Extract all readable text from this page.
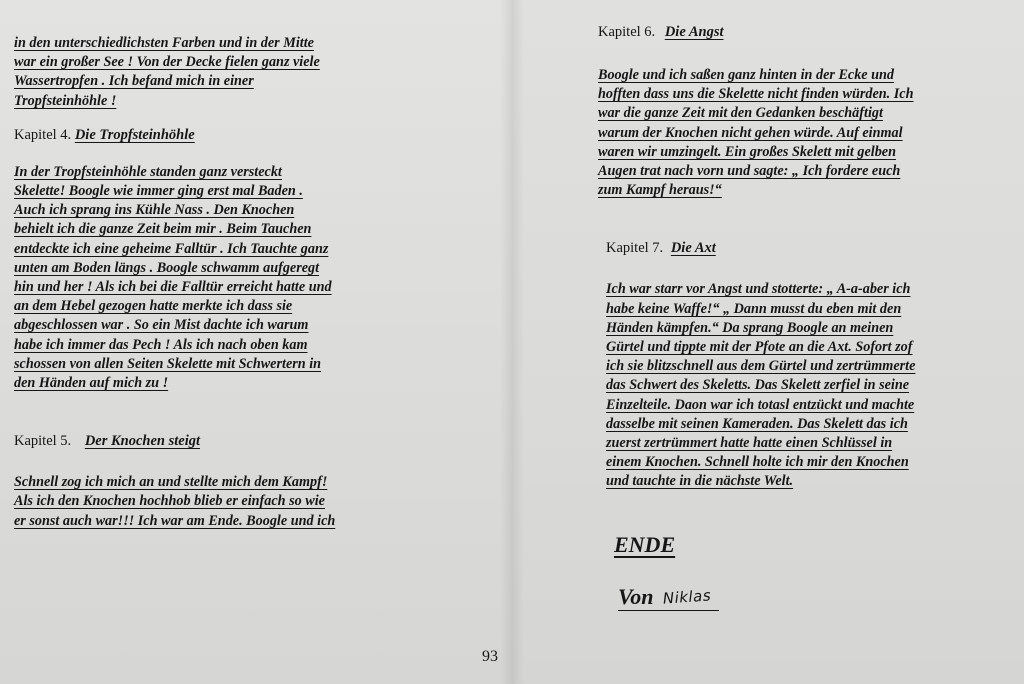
in den unterschiedlichsten Farben und in der Mitte
war ein großer See ! Von der Decke fielen ganz viele
Wassertropfen . Ich befand mich in einer
Tropfsteinhöhle !
Kapitel 4. Die Tropfsteinhöhle
In der Tropfsteinhöhle standen ganz versteckt
Skelette! Boogle wie immer ging erst mal Baden .
Auch ich sprang ins Kühle Nass . Den Knochen
behielt ich die ganze Zeit beim mir . Beim Tauchen
entdeckte ich eine geheime Falltür . Ich Tauchte ganz
unten am Boden längs . Boogle schwamm aufgeregt
hin und her ! Als ich bei die Falltür erreicht hatte und
an dem Hebel gezogen hatte merkte ich dass sie
abgeschlossen war . So ein Mist dachte ich warum
habe ich immer das Pech ! Als ich nach oben kam
schossen von allen Seiten Skelette mit Schwertern in
den Händen auf mich zu !
Kapitel 5. Der Knochen steigt
Schnell zog ich mich an und stellte mich dem Kampf!
Als ich den Knochen hochhob blieb er einfach so wie
er sonst auch war!!! Ich war am Ende. Boogle und ich
Kapitel 6. Die Angst
Boogle und ich saßen ganz hinten in der Ecke und
hofften dass uns die Skelette nicht finden würden. Ich
war die ganze Zeit mit den Gedanken beschäftigt
warum der Knochen nicht gehen würde. Auf einmal
waren wir umzingelt. Ein großes Skelett mit gelben
Augen trat nach vorn und sagte: „ Ich fordere euch
zum Kampf heraus!“
Kapitel 7. Die Axt
Ich war starr vor Angst und stotterte: „ A-a-aber ich
habe keine Waffe!“ „ Dann musst du eben mit den
Händen kämpfen.“ Da sprang Boogle an meinen
Gürtel und tippte mit der Pfote an die Axt. Sofort zof
ich sie blitzschnell aus dem Gürtel und zertrümmerte
das Schwert des Skeletts. Das Skelett zerfiel in seine
Einzelteile. Daon war ich totasl entzückt und machte
dasselbe mit seinen Kameraden. Das Skelett das ich
zuerst zertrümmert hatte hatte einen Schlüssel in
einem Knochen. Schnell holte ich mir den Knochen
und tauchte in die nächste Welt.
ENDE
Von Niklas
93
